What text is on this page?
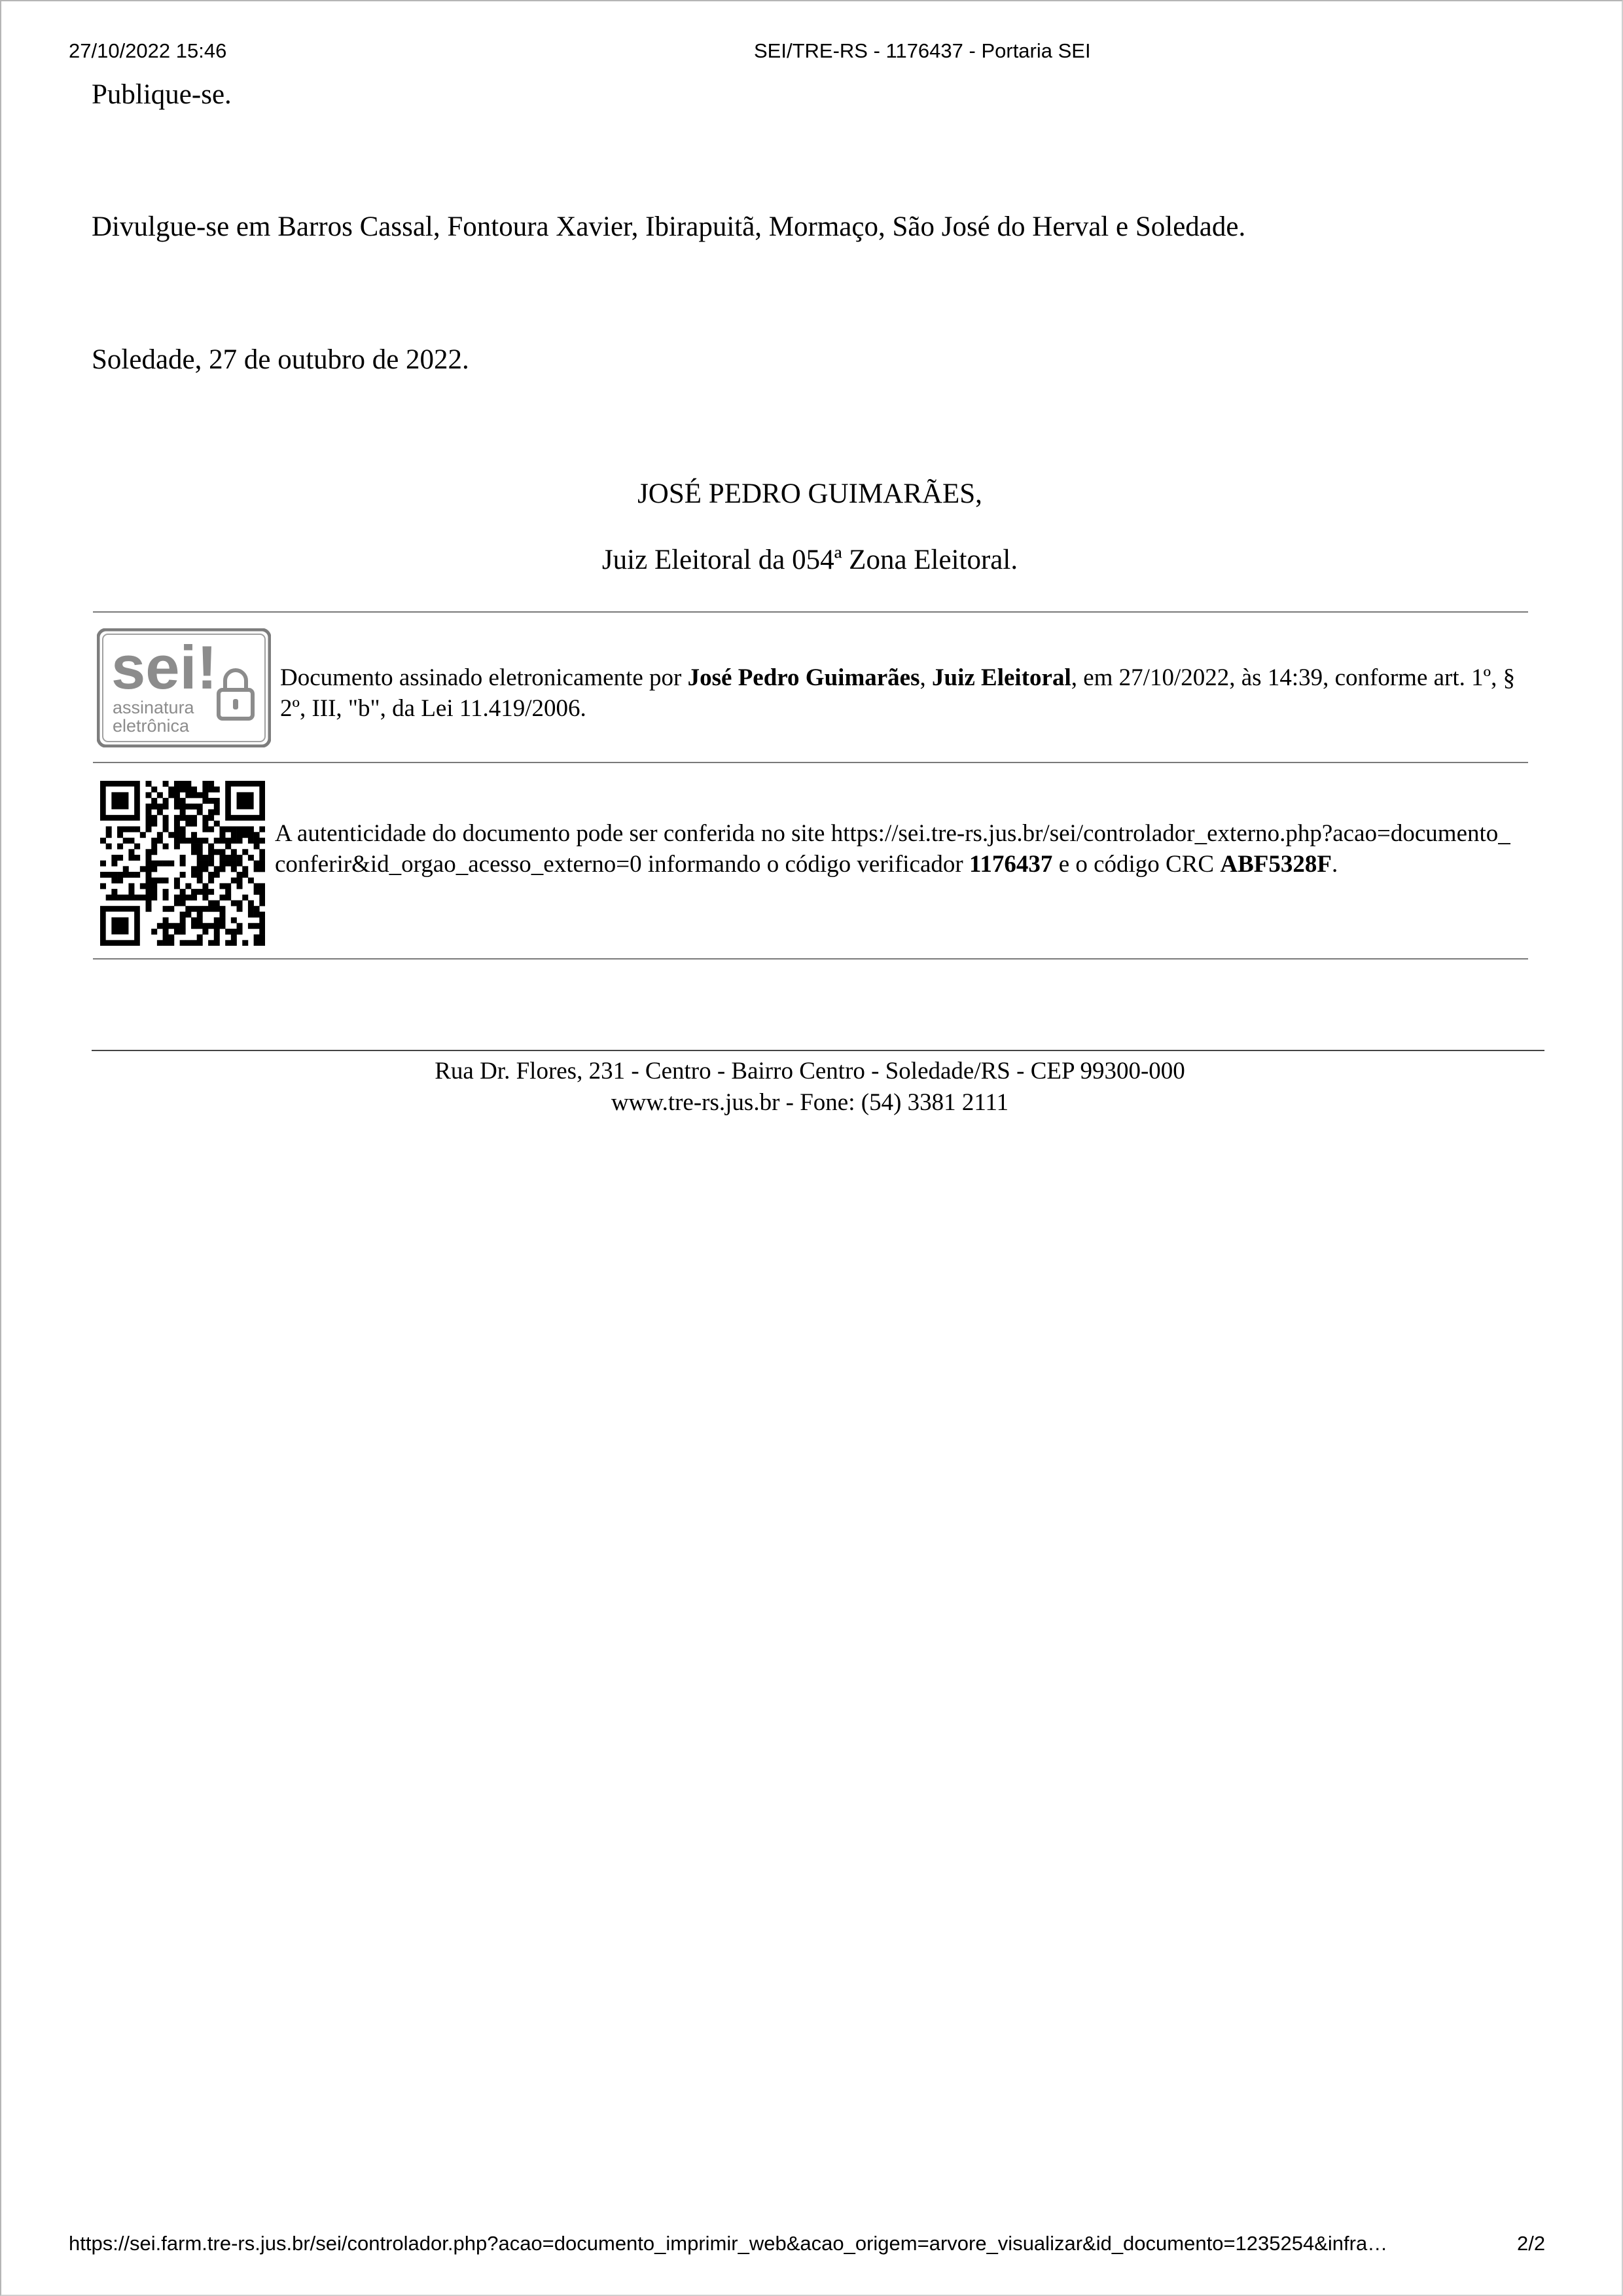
27/10/2022 15:46	SEI/TRE-RS - 1176437 - Portaria SEI
Publique-se.
Divulgue-se em Barros Cassal, Fontoura Xavier, Ibirapuitã, Mormaço, São José do Herval e Soledade.
Soledade, 27 de outubro de 2022.
JOSÉ PEDRO GUIMARÃES,
Juiz Eleitoral da 054ª Zona Eleitoral.
sei!
assinatura
eletrônica
Documento assinado eletronicamente por José Pedro Guimarães, Juiz Eleitoral, em 27/10/2022, às 14:39, conforme art. 1º, § 2º, III, "b", da Lei 11.419/2006.
A autenticidade do documento pode ser conferida no site https://sei.tre-rs.jus.br/sei/controlador_externo.php?acao=documento_conferir&id_orgao_acesso_externo=0 informando o código verificador 1176437 e o código CRC ABF5328F.
Rua Dr. Flores, 231 - Centro - Bairro Centro - Soledade/RS - CEP 99300-000
www.tre-rs.jus.br - Fone: (54) 3381 2111
https://sei.farm.tre-rs.jus.br/sei/controlador.php?acao=documento_imprimir_web&acao_origem=arvore_visualizar&id_documento=1235254&infra…	2/2
